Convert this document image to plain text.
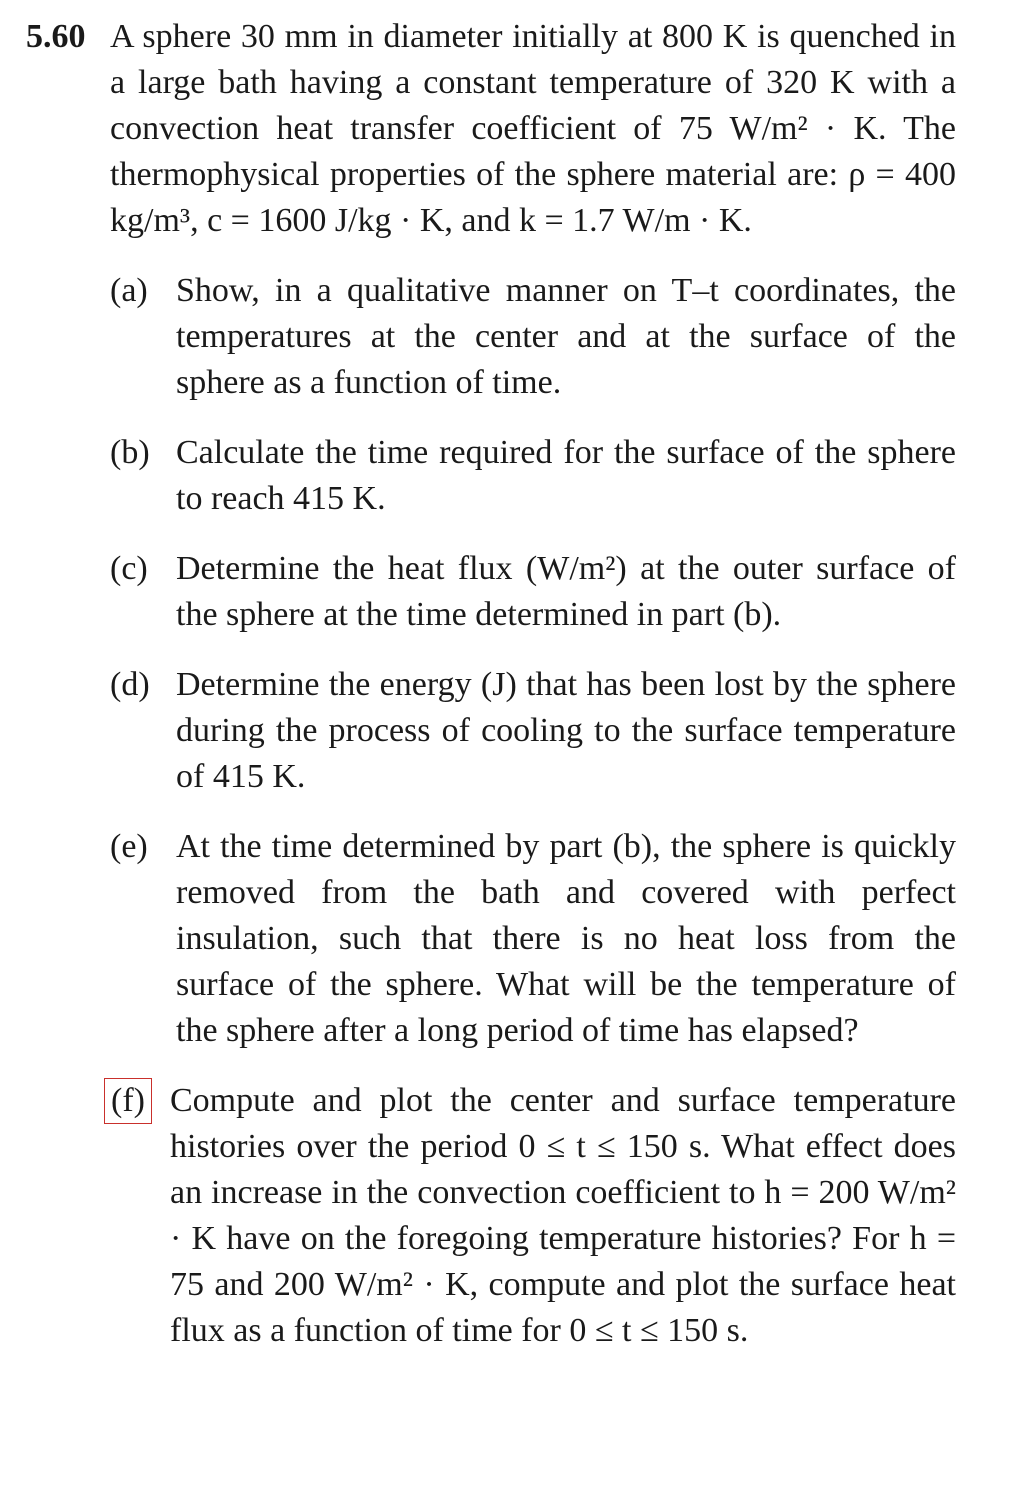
5.60 A sphere 30 mm in diameter initially at 800 K is quenched in a large bath having a constant temperature of 320 K with a convection heat transfer coefficient of 75 W/m² · K. The thermophysical properties of the sphere material are: ρ = 400 kg/m³, c = 1600 J/kg · K, and k = 1.7 W/m · K.
(a) Show, in a qualitative manner on T–t coordinates, the temperatures at the center and at the surface of the sphere as a function of time.
(b) Calculate the time required for the surface of the sphere to reach 415 K.
(c) Determine the heat flux (W/m²) at the outer surface of the sphere at the time determined in part (b).
(d) Determine the energy (J) that has been lost by the sphere during the process of cooling to the surface temperature of 415 K.
(e) At the time determined by part (b), the sphere is quickly removed from the bath and covered with perfect insulation, such that there is no heat loss from the surface of the sphere. What will be the temperature of the sphere after a long period of time has elapsed?
(f) Compute and plot the center and surface temperature histories over the period 0 ≤ t ≤ 150 s. What effect does an increase in the convection coefficient to h = 200 W/m² · K have on the foregoing temperature histories? For h = 75 and 200 W/m² · K, compute and plot the surface heat flux as a function of time for 0 ≤ t ≤ 150 s.
